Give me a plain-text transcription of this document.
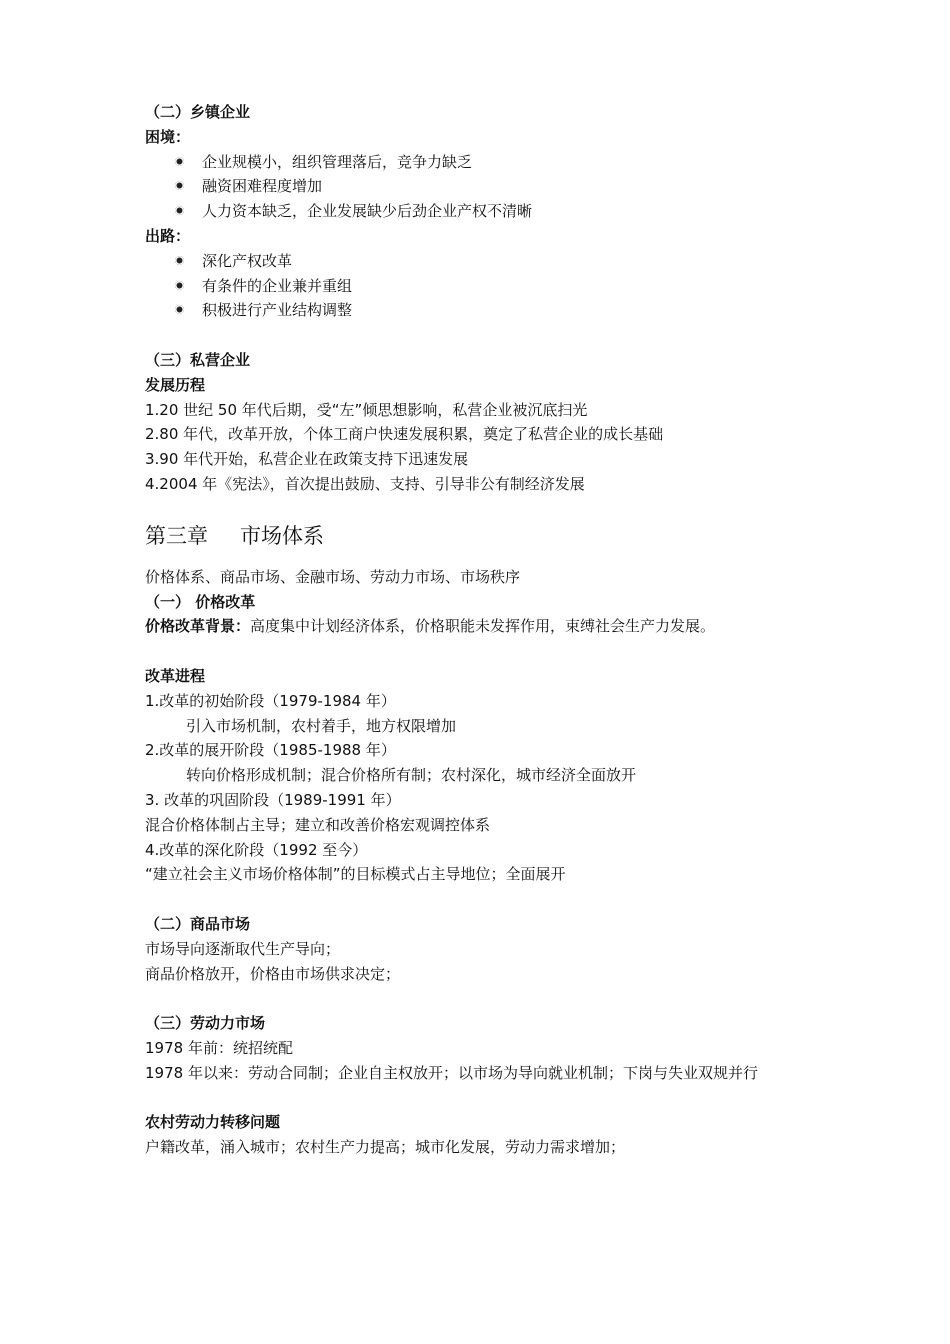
（二）乡镇企业
困境：
企业规模小，组织管理落后，竞争力缺乏
融资困难程度增加
人力资本缺乏，企业发展缺少后劲企业产权不清晰
出路：
深化产权改革
有条件的企业兼并重组
积极进行产业结构调整
（三）私营企业
发展历程
1.20 世纪 50 年代后期，受“左”倾思想影响，私营企业被沉底扫光
2.80 年代，改革开放，个体工商户快速发展积累，奠定了私营企业的成长基础
3.90 年代开始，私营企业在政策支持下迅速发展
4.2004 年《宪法》，首次提出鼓励、支持、引导非公有制经济发展
第三章 市场体系
价格体系、商品市场、金融市场、劳动力市场、市场秩序
（一） 价格改革
价格改革背景：高度集中计划经济体系，价格职能未发挥作用，束缚社会生产力发展。
改革进程
1.改革的初始阶段（1979-1984 年）
引入市场机制，农村着手，地方权限增加
2.改革的展开阶段（1985-1988 年）
转向价格形成机制；混合价格所有制；农村深化，城市经济全面放开
3. 改革的巩固阶段（1989-1991 年）
混合价格体制占主导；建立和改善价格宏观调控体系
4.改革的深化阶段（1992 至今）
“建立社会主义市场价格体制”的目标模式占主导地位；全面展开
（二）商品市场
市场导向逐渐取代生产导向；
商品价格放开，价格由市场供求决定；
（三）劳动力市场
1978 年前：统招统配
1978 年以来：劳动合同制；企业自主权放开；以市场为导向就业机制；下岗与失业双规并行
农村劳动力转移问题
户籍改革，涌入城市；农村生产力提高；城市化发展，劳动力需求增加；
